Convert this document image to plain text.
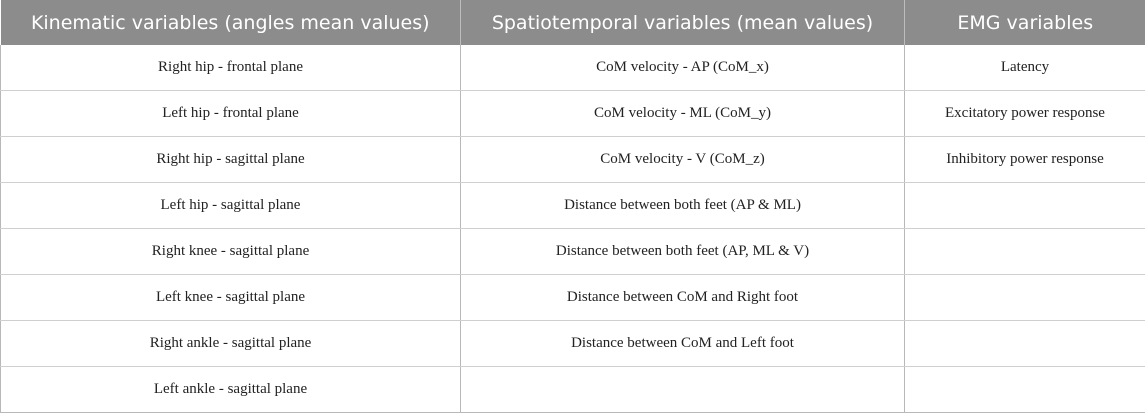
Kinematic variables (angles mean values)	Spatiotemporal variables (mean values)	EMG variables
Right hip - frontal plane	CoM velocity - AP (CoM_x)	Latency
Left hip - frontal plane	CoM velocity - ML (CoM_y)	Excitatory power response
Right hip - sagittal plane	CoM velocity - V (CoM_z)	Inhibitory power response
Left hip - sagittal plane	Distance between both feet (AP & ML)	
Right knee - sagittal plane	Distance between both feet (AP, ML & V)	
Left knee - sagittal plane	Distance between CoM and Right foot	
Right ankle - sagittal plane	Distance between CoM and Left foot	
Left ankle - sagittal plane		
